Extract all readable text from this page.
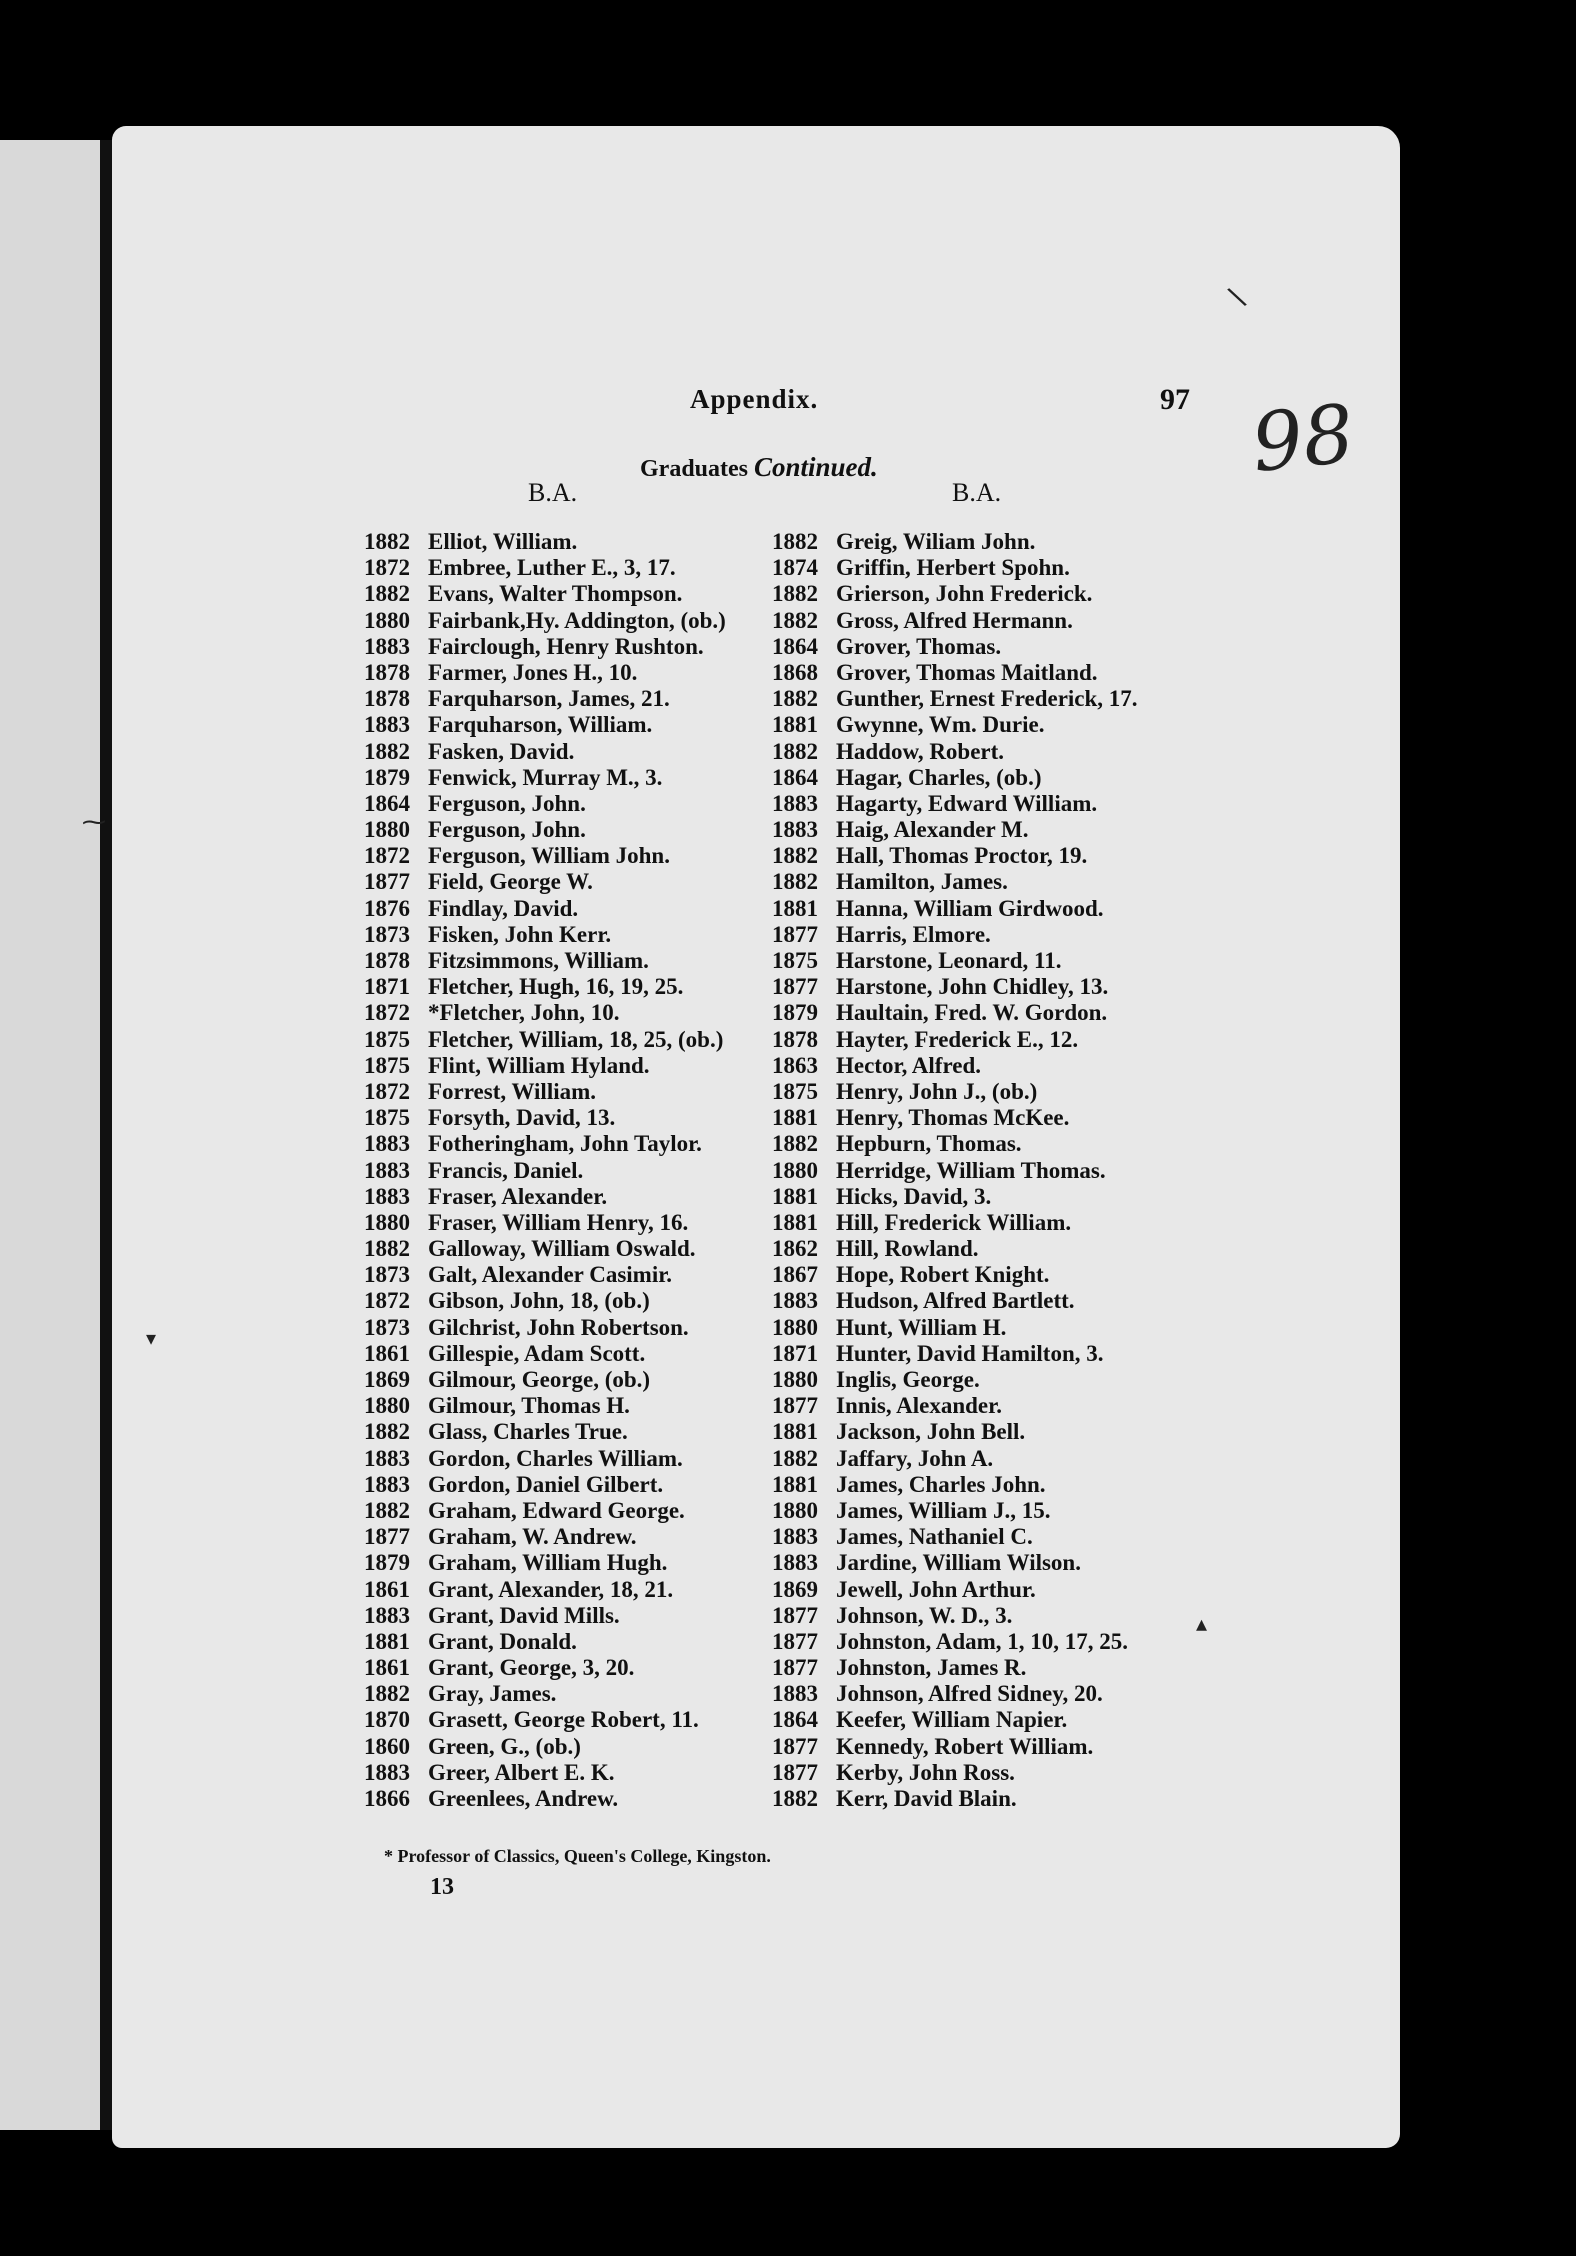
Appendix.	97 98
Graduates Continued.
B.A.	B.A.
1882 Elliot, William.
1872 Embree, Luther E., 3, 17.
1882 Evans, Walter Thompson.
1880 Fairbank,Hy. Addington, (ob.)
1883 Fairclough, Henry Rushton.
1878 Farmer, Jones H., 10.
1878 Farquharson, James, 21.
1883 Farquharson, William.
1882 Fasken, David.
1879 Fenwick, Murray M., 3.
1864 Ferguson, John.
1880 Ferguson, John.
1872 Ferguson, William John.
1877 Field, George W.
1876 Findlay, David.
1873 Fisken, John Kerr.
1878 Fitzsimmons, William.
1871 Fletcher, Hugh, 16, 19, 25.
1872 *Fletcher, John, 10.
1875 Fletcher, William, 18, 25, (ob.)
1875 Flint, William Hyland.
1872 Forrest, William.
1875 Forsyth, David, 13.
1883 Fotheringham, John Taylor.
1883 Francis, Daniel.
1883 Fraser, Alexander.
1880 Fraser, William Henry, 16.
1882 Galloway, William Oswald.
1873 Galt, Alexander Casimir.
1872 Gibson, John, 18, (ob.)
1873 Gilchrist, John Robertson.
1861 Gillespie, Adam Scott.
1869 Gilmour, George, (ob.)
1880 Gilmour, Thomas H.
1882 Glass, Charles True.
1883 Gordon, Charles William.
1883 Gordon, Daniel Gilbert.
1882 Graham, Edward George.
1877 Graham, W. Andrew.
1879 Graham, William Hugh.
1861 Grant, Alexander, 18, 21.
1883 Grant, David Mills.
1881 Grant, Donald.
1861 Grant, George, 3, 20.
1882 Gray, James.
1870 Grasett, George Robert, 11.
1860 Green, G., (ob.)
1883 Greer, Albert E. K.
1866 Greenlees, Andrew.
1882 Greig, Wiliam John.
1874 Griffin, Herbert Spohn.
1882 Grierson, John Frederick.
1882 Gross, Alfred Hermann.
1864 Grover, Thomas.
1868 Grover, Thomas Maitland.
1882 Gunther, Ernest Frederick, 17.
1881 Gwynne, Wm. Durie.
1882 Haddow, Robert.
1864 Hagar, Charles, (ob.)
1883 Hagarty, Edward William.
1883 Haig, Alexander M.
1882 Hall, Thomas Proctor, 19.
1882 Hamilton, James.
1881 Hanna, William Girdwood.
1877 Harris, Elmore.
1875 Harstone, Leonard, 11.
1877 Harstone, John Chidley, 13.
1879 Haultain, Fred. W. Gordon.
1878 Hayter, Frederick E., 12.
1863 Hector, Alfred.
1875 Henry, John J., (ob.)
1881 Henry, Thomas McKee.
1882 Hepburn, Thomas.
1880 Herridge, William Thomas.
1881 Hicks, David, 3.
1881 Hill, Frederick William.
1862 Hill, Rowland.
1867 Hope, Robert Knight.
1883 Hudson, Alfred Bartlett.
1880 Hunt, William H.
1871 Hunter, David Hamilton, 3.
1880 Inglis, George.
1877 Innis, Alexander.
1881 Jackson, John Bell.
1882 Jaffary, John A.
1881 James, Charles John.
1880 James, William J., 15.
1883 James, Nathaniel C.
1883 Jardine, William Wilson.
1869 Jewell, John Arthur.
1877 Johnson, W. D., 3.
1877 Johnston, Adam, 1, 10, 17, 25.
1877 Johnston, James R.
1883 Johnson, Alfred Sidney, 20.
1864 Keefer, William Napier.
1877 Kennedy, Robert William.
1877 Kerby, John Ross.
1882 Kerr, David Blain.
* Professor of Classics, Queen's College, Kingston.
13
⁓
▾
\
▴
